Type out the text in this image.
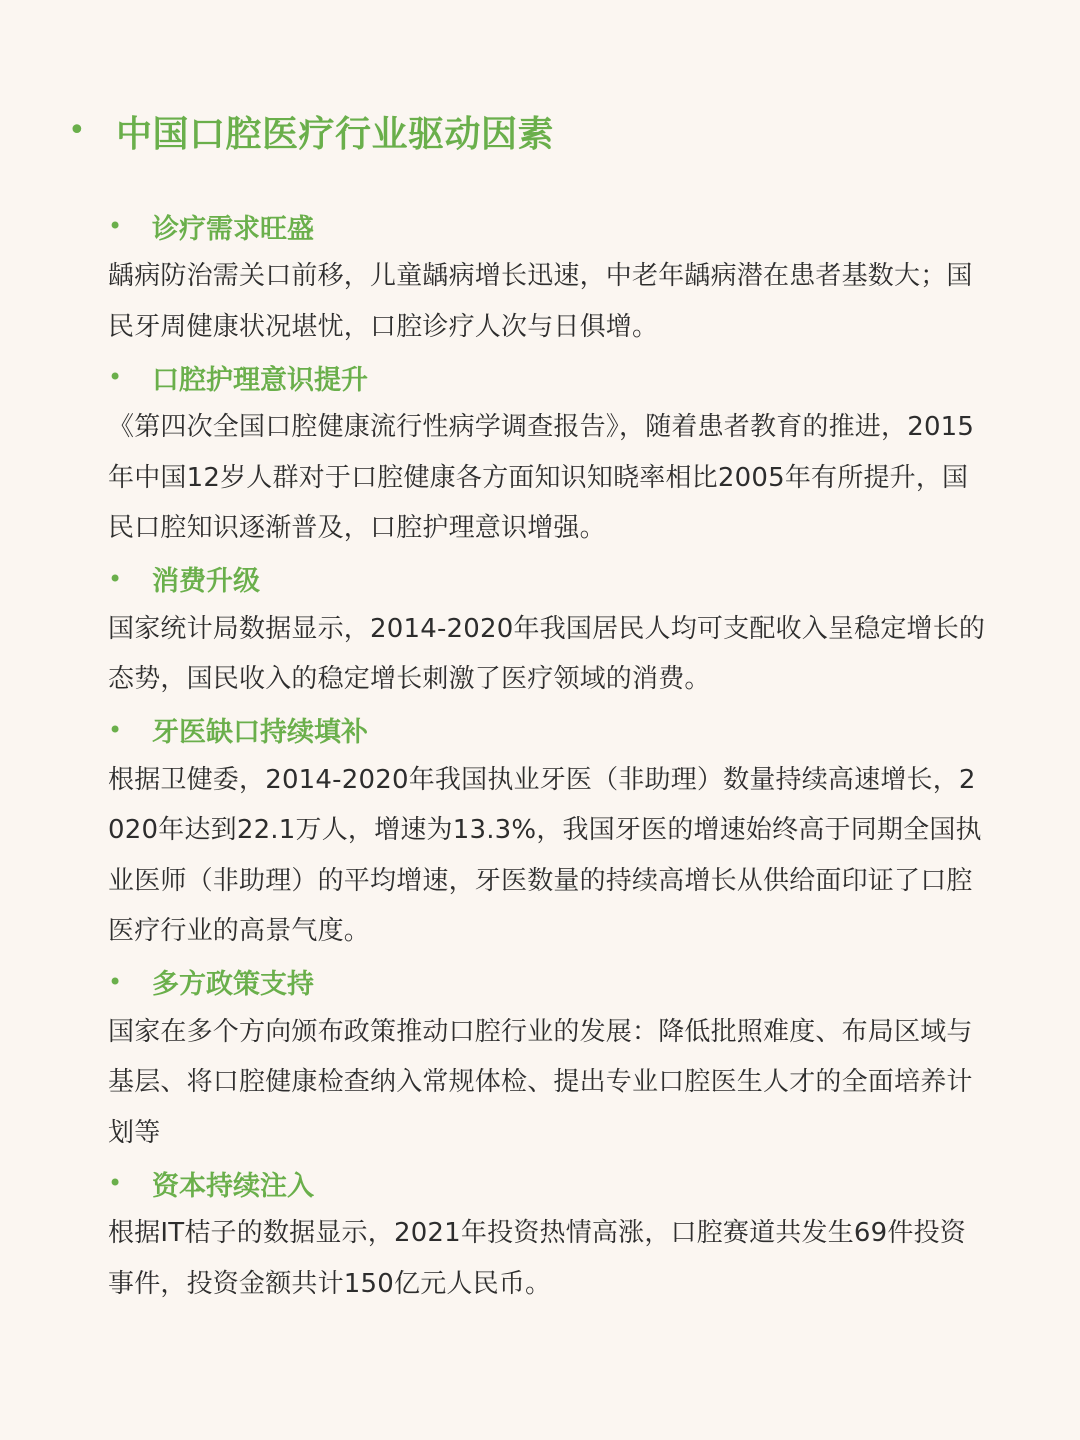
• 中国口腔医疗行业驱动因素
•	诊疗需求旺盛
龋病防治需关口前移，儿童龋病增长迅速，中老年龋病潜在患者基数大；国民牙周健康状况堪忧，口腔诊疗人次与日俱增。
•	口腔护理意识提升
《第四次全国口腔健康流行性病学调查报告》，随着患者教育的推进，2015年中国12岁人群对于口腔健康各方面知识知晓率相比2005年有所提升，国民口腔知识逐渐普及，口腔护理意识增强。
•	消费升级
国家统计局数据显示，2014-2020年我国居民人均可支配收入呈稳定增长的态势，国民收入的稳定增长刺激了医疗领域的消费。
•	牙医缺口持续填补
根据卫健委，2014-2020年我国执业牙医（非助理）数量持续高速增长，2020年达到22.1万人，增速为13.3%，我国牙医的增速始终高于同期全国执业医师（非助理）的平均增速，牙医数量的持续高增长从供给面印证了口腔医疗行业的高景气度。
•	多方政策支持
国家在多个方向颁布政策推动口腔行业的发展：降低批照难度、布局区域与基层、将口腔健康检查纳入常规体检、提出专业口腔医生人才的全面培养计划等
•	资本持续注入
根据IT桔子的数据显示，2021年投资热情高涨，口腔赛道共发生69件投资事件，投资金额共计150亿元人民币。
